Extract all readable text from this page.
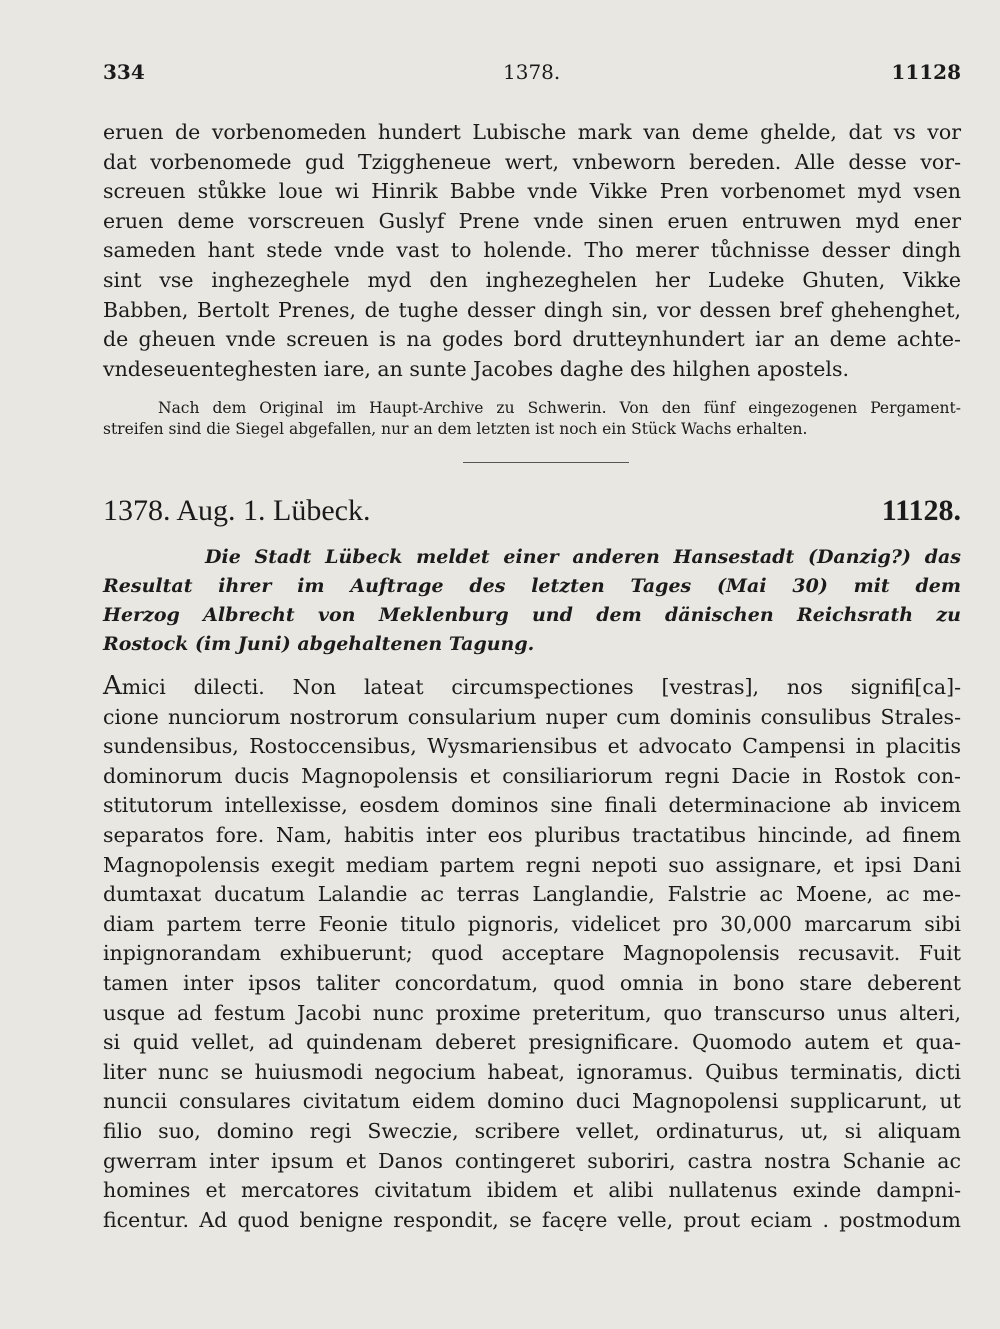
334	1378.	11128
eruen de vorbenomeden hundert Lubische mark van deme ghelde, dat vs vor
dat vorbenomede gud Tziggheneue wert, vnbeworn bereden. Alle desse vor-
screuen stůkke loue wi Hinrik Babbe vnde Vikke Pren vorbenomet myd vsen
eruen deme vorscreuen Guslyf Prene vnde sinen eruen entruwen myd ener
sameden hant stede vnde vast to holende. Tho merer tůchnisse desser dingh
sint vse inghezeghele myd den inghezeghelen her Ludeke Ghuten, Vikke
Babben, Bertolt Prenes, de tughe desser dingh sin, vor dessen bref ghehenghet,
de gheuen vnde screuen is na godes bord drutteynhundert iar an deme achte-
vndeseuenteghesten iare, an sunte Jacobes daghe des hilghen apostels.
Nach dem Original im Haupt-Archive zu Schwerin. Von den fünf eingezogenen Pergament-
streifen sind die Siegel abgefallen, nur an dem letzten ist noch ein Stück Wachs erhalten.
1378. Aug. 1. Lübeck.	11128.
Die Stadt Lübeck meldet einer anderen Hansestadt (Danzig?) das
Resultat ihrer im Auftrage des letzten Tages (Mai 30) mit dem
Herzog Albrecht von Meklenburg und dem dänischen Reichsrath zu
Rostock (im Juni) abgehaltenen Tagung.
Amici dilecti. Non lateat circumspectiones [vestras], nos signifi[ca]-
cione nunciorum nostrorum consularium nuper cum dominis consulibus Strales-
sundensibus, Rostoccensibus, Wysmariensibus et advocato Campensi in placitis
dominorum ducis Magnopolensis et consiliariorum regni Dacie in Rostok con-
stitutorum intellexisse, eosdem dominos sine finali determinacione ab invicem
separatos fore. Nam, habitis inter eos pluribus tractatibus hincinde, ad finem
Magnopolensis exegit mediam partem regni nepoti suo assignare, et ipsi Dani
dumtaxat ducatum Lalandie ac terras Langlandie, Falstrie ac Moene, ac me-
diam partem terre Feonie titulo pignoris, videlicet pro 30,000 marcarum sibi
inpignorandam exhibuerunt; quod acceptare Magnopolensis recusavit. Fuit
tamen inter ipsos taliter concordatum, quod omnia in bono stare deberent
usque ad festum Jacobi nunc proxime preteritum, quo transcurso unus alteri,
si quid vellet, ad quindenam deberet presignificare. Quomodo autem et qua-
liter nunc se huiusmodi negocium habeat, ignoramus. Quibus terminatis, dicti
nuncii consulares civitatum eidem domino duci Magnopolensi supplicarunt, ut
filio suo, domino regi Sweczie, scribere vellet, ordinaturus, ut, si aliquam
gwerram inter ipsum et Danos contingeret suboriri, castra nostra Schanie ac
homines et mercatores civitatum ibidem et alibi nullatenus exinde dampni-
ficentur. Ad quod benigne respondit, se facęre velle, prout eciam . postmodum
